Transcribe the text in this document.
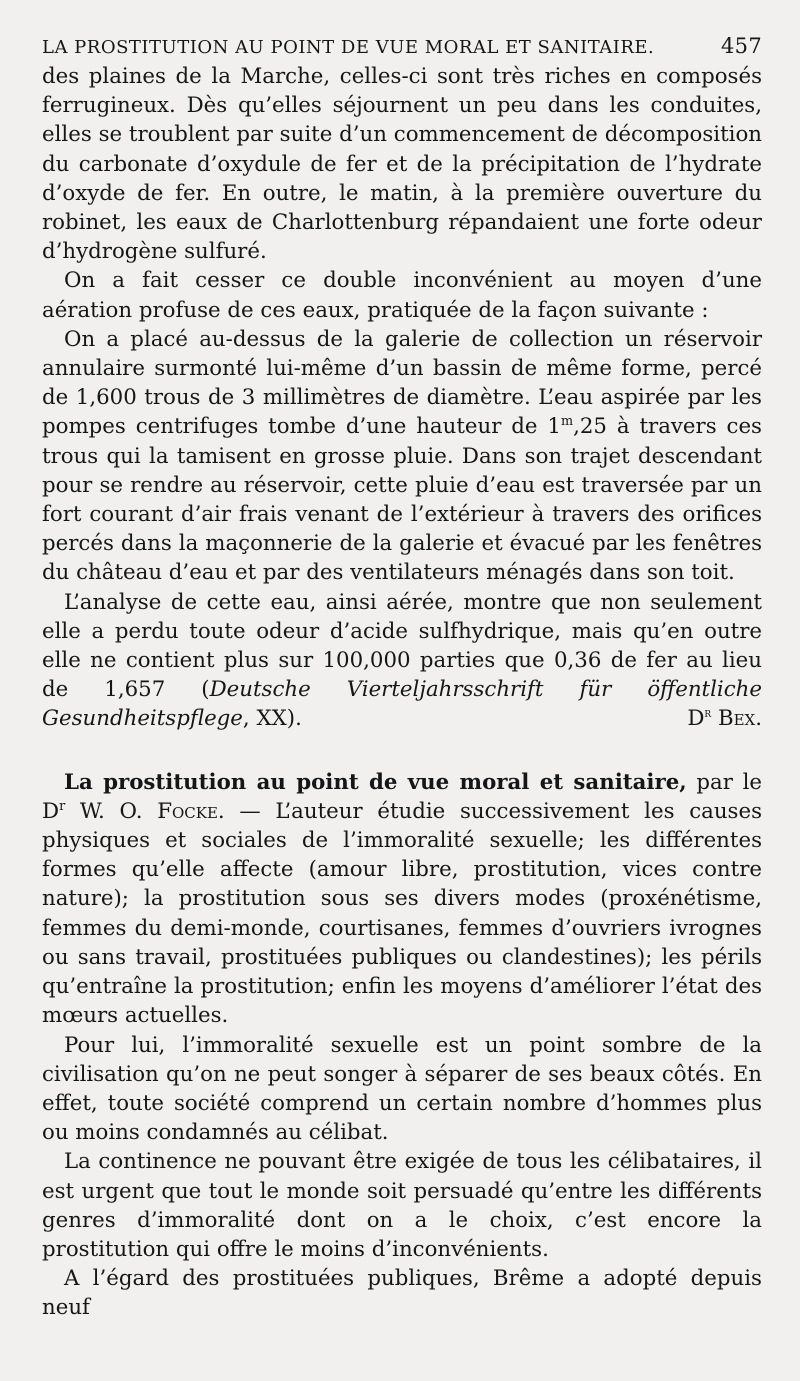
LA PROSTITUTION AU POINT DE VUE MORAL ET SANITAIRE.	457

des plaines de la Marche, celles-ci sont très riches en composés ferrugineux. Dès qu’elles séjournent un peu dans les conduites, elles se troublent par suite d’un commencement de décomposition du carbonate d’oxydule de fer et de la précipitation de l’hydrate d’oxyde de fer. En outre, le matin, à la première ouverture du robinet, les eaux de Charlottenburg répandaient une forte odeur d’hydrogène sulfuré.

On a fait cesser ce double inconvénient au moyen d’une aération profuse de ces eaux, pratiquée de la façon suivante :

On a placé au-dessus de la galerie de collection un réservoir annulaire surmonté lui-même d’un bassin de même forme, percé de 1,600 trous de 3 millimètres de diamètre. L’eau aspirée par les pompes centrifuges tombe d’une hauteur de 1$^m$,25 à travers ces trous qui la tamisent en grosse pluie. Dans son trajet descendant pour se rendre au réservoir, cette pluie d’eau est traversée par un fort courant d’air frais venant de l’extérieur à travers des orifices percés dans la maçonnerie de la galerie et évacué par les fenêtres du château d’eau et par des ventilateurs ménagés dans son toit.

L’analyse de cette eau, ainsi aérée, montre que non seulement elle a perdu toute odeur d’acide sulfhydrique, mais qu’en outre elle ne contient plus sur 100,000 parties que 0,36 de fer au lieu de 1,657 (Deutsche Vierteljahrsschrift für öffentliche Gesundheitspflege, XX).	$D^r$ Bex.

La prostitution au point de vue moral et sanitaire, par le $D^r$ W. O. Focke. — L’auteur étudie successivement les causes physiques et sociales de l’immoralité sexuelle; les différentes formes qu’elle affecte (amour libre, prostitution, vices contre nature); la prostitution sous ses divers modes (proxénétisme, femmes du demi-monde, courtisanes, femmes d’ouvriers ivrognes ou sans travail, prostituées publiques ou clandestines); les périls qu’entraîne la prostitution; enfin les moyens d’améliorer l’état des mœurs actuelles.

Pour lui, l’immoralité sexuelle est un point sombre de la civilisation qu’on ne peut songer à séparer de ses beaux côtés. En effet, toute société comprend un certain nombre d’hommes plus ou moins condamnés au célibat.

La continence ne pouvant être exigée de tous les célibataires, il est urgent que tout le monde soit persuadé qu’entre les différents genres d’immoralité dont on a le choix, c’est encore la prostitution qui offre le moins d’inconvénients.

A l’égard des prostituées publiques, Brême a adopté depuis neuf
